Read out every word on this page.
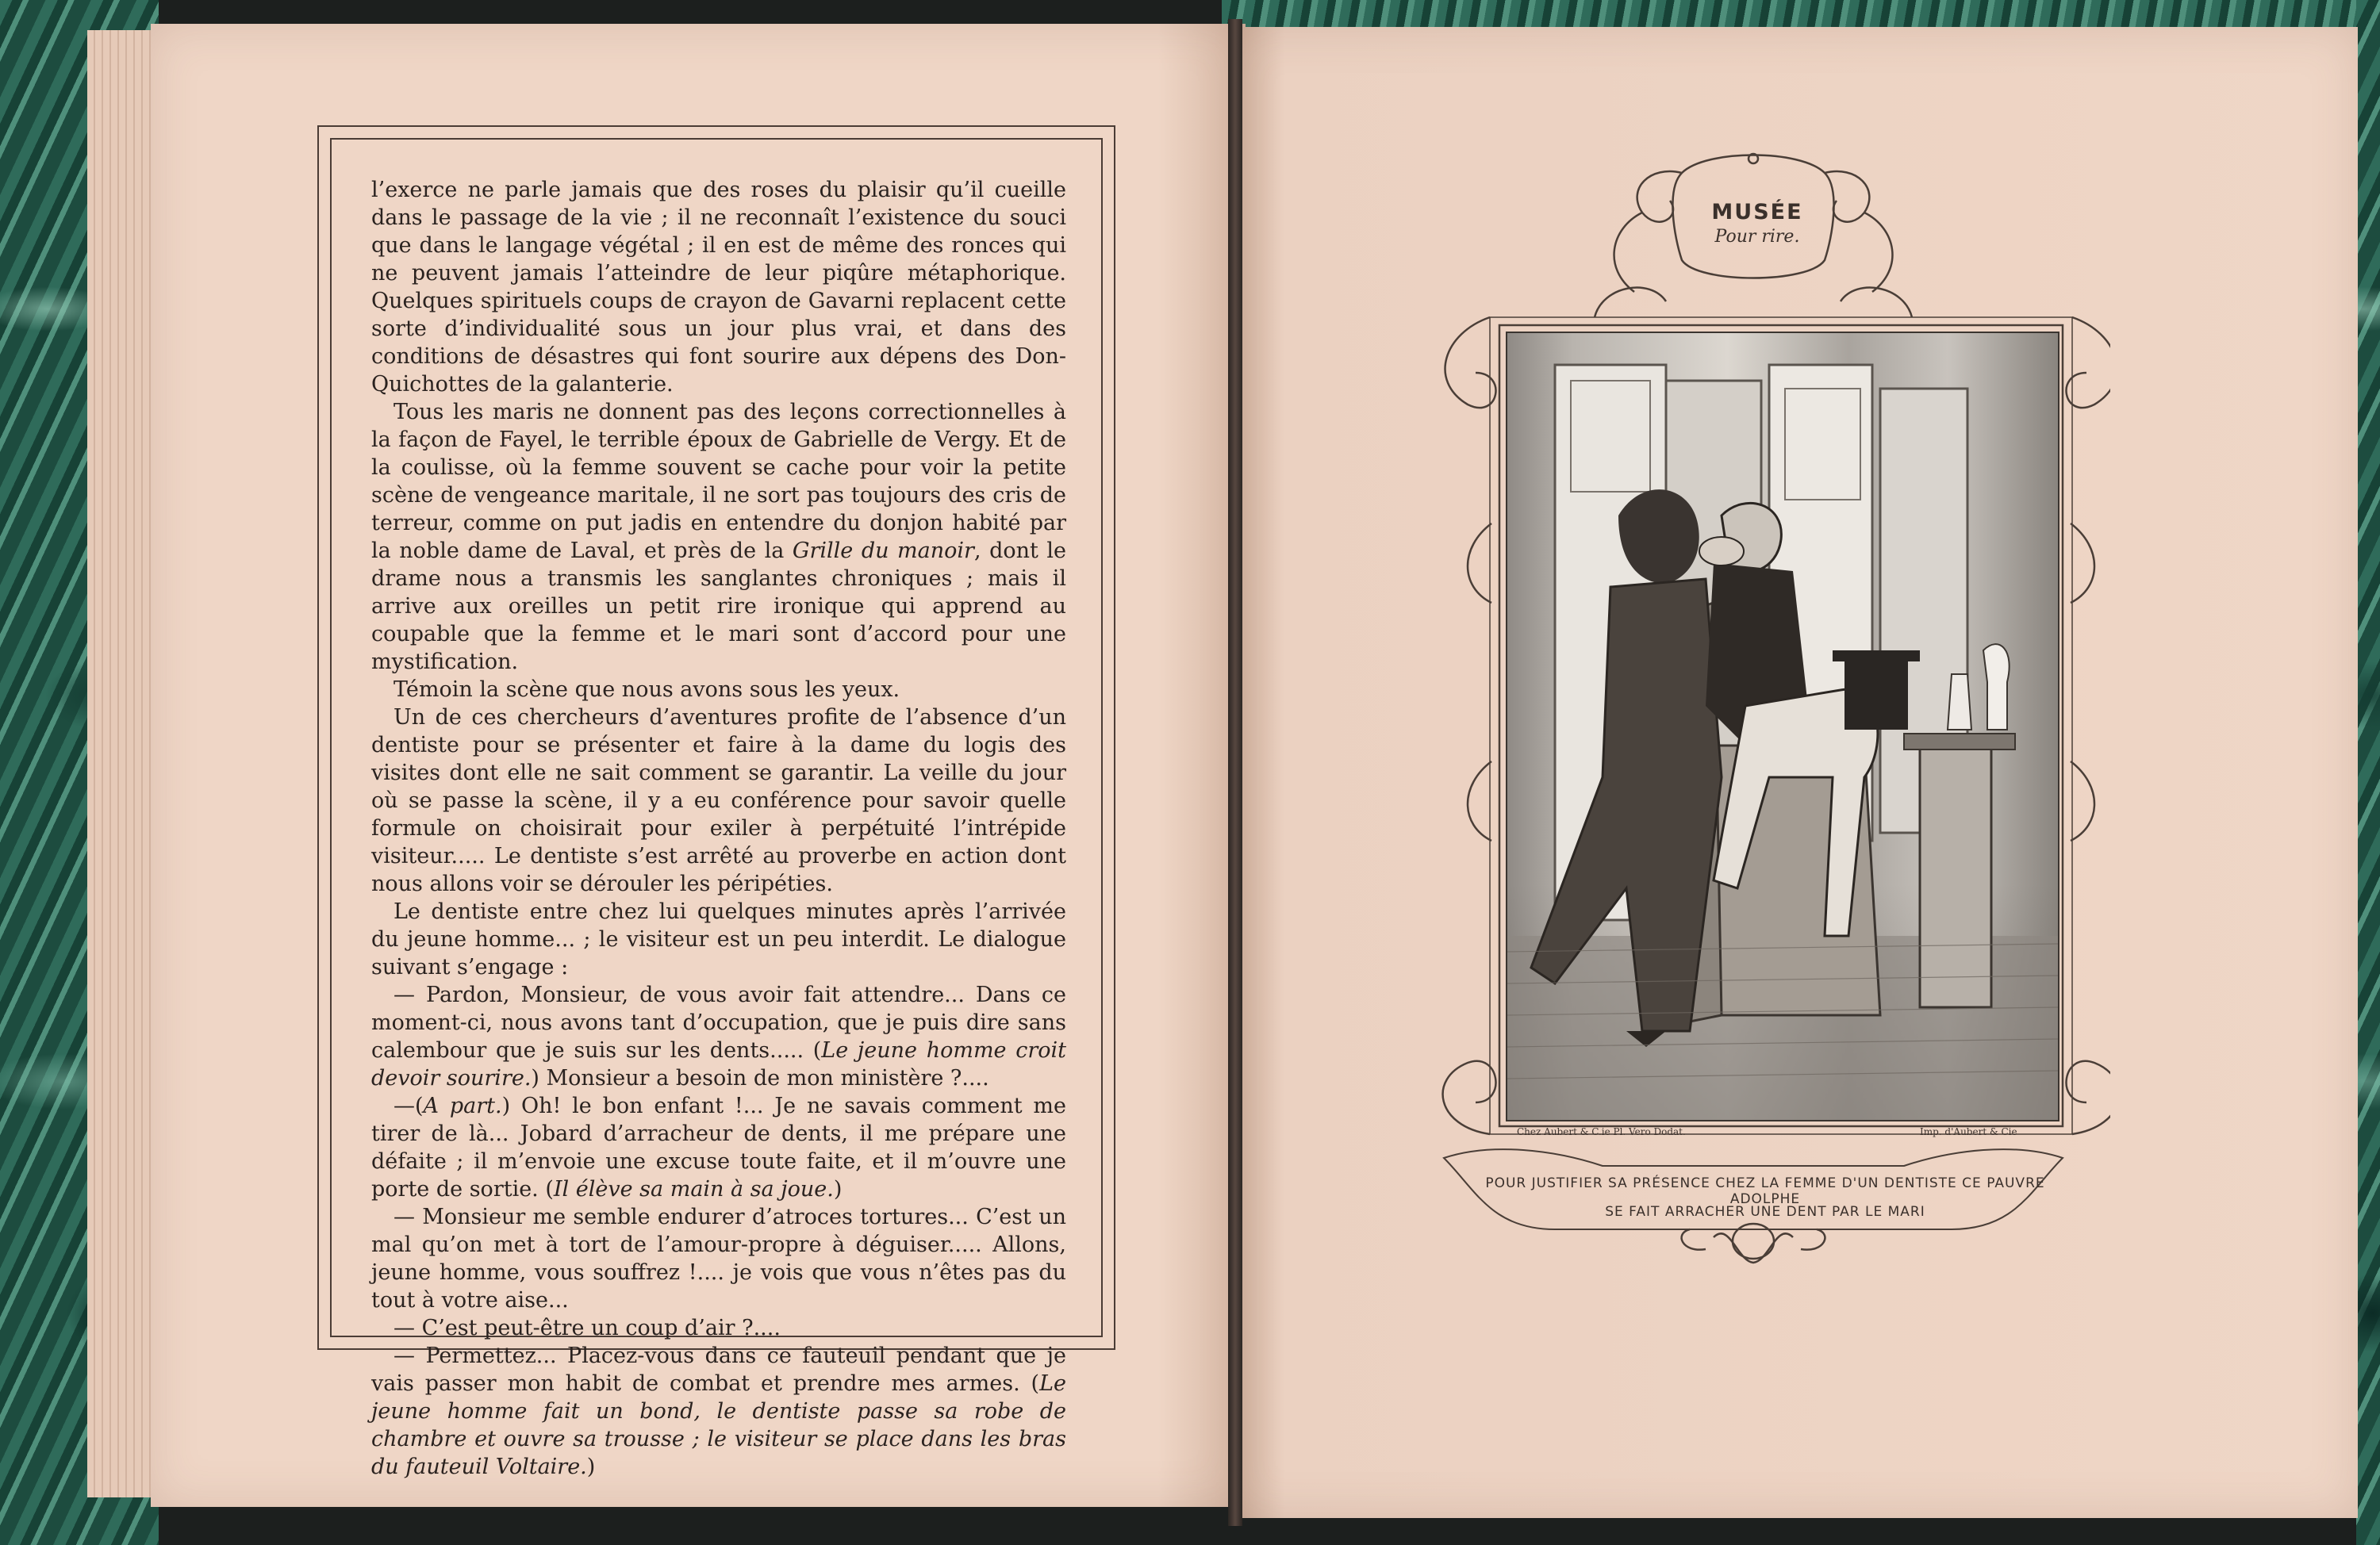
l’exerce ne parle jamais que des roses du plaisir qu’il cueille dans le passage de la vie ; il ne reconnaît l’existence du souci que dans le langage végétal ; il en est de même des ronces qui ne peuvent jamais l’atteindre de leur piqûre métaphorique. Quelques spirituels coups de crayon de Gavarni replacent cette sorte d’individualité sous un jour plus vrai, et dans des conditions de désastres qui font sourire aux dépens des Don-Quichottes de la galanterie.

Tous les maris ne donnent pas des leçons correctionnelles à la façon de Fayel, le terrible époux de Gabrielle de Vergy. Et de la coulisse, où la femme souvent se cache pour voir la petite scène de vengeance maritale, il ne sort pas toujours des cris de terreur, comme on put jadis en entendre du donjon habité par la noble dame de Laval, et près de la Grille du manoir, dont le drame nous a transmis les sanglantes chroniques ; mais il arrive aux oreilles un petit rire ironique qui apprend au coupable que la femme et le mari sont d’accord pour une mystification.

Témoin la scène que nous avons sous les yeux.

Un de ces chercheurs d’aventures profite de l’absence d’un dentiste pour se présenter et faire à la dame du logis des visites dont elle ne sait comment se garantir. La veille du jour où se passe la scène, il y a eu conférence pour savoir quelle formule on choisirait pour exiler à perpétuité l’intrépide visiteur..... Le dentiste s’est arrêté au proverbe en action dont nous allons voir se dérouler les péripéties.

Le dentiste entre chez lui quelques minutes après l’arrivée du jeune homme... ; le visiteur est un peu interdit. Le dialogue suivant s’engage :

— Pardon, Monsieur, de vous avoir fait attendre... Dans ce moment-ci, nous avons tant d’occupation, que je puis dire sans calembour que je suis sur les dents..... (Le jeune homme croit devoir sourire.) Monsieur a besoin de mon ministère ?....

—(A part.) Oh! le bon enfant !... Je ne savais comment me tirer de là... Jobard d’arracheur de dents, il me prépare une défaite ; il m’envoie une excuse toute faite, et il m’ouvre une porte de sortie. (Il élève sa main à sa joue.)

— Monsieur me semble endurer d’atroces tortures... C’est un mal qu’on met à tort de l’amour-propre à déguiser..... Allons, jeune homme, vous souffrez !.... je vois que vous n’êtes pas du tout à votre aise...

— C’est peut-être un coup d’air ?....

— Permettez... Placez-vous dans ce fauteuil pendant que je vais passer mon habit de combat et prendre mes armes. (Le jeune homme fait un bond, le dentiste passe sa robe de chambre et ouvre sa trousse ; le visiteur se place dans les bras du fauteuil Voltaire.)

MUSÉE
Pour rire.
Chez Aubert & C.ie Pl. Vero Dodat.	Imp. d'Aubert & Cie
POUR JUSTIFIER SA PRÉSENCE CHEZ LA FEMME D'UN DENTISTE CE PAUVRE ADOLPHE
SE FAIT ARRACHER UNE DENT PAR LE MARI
